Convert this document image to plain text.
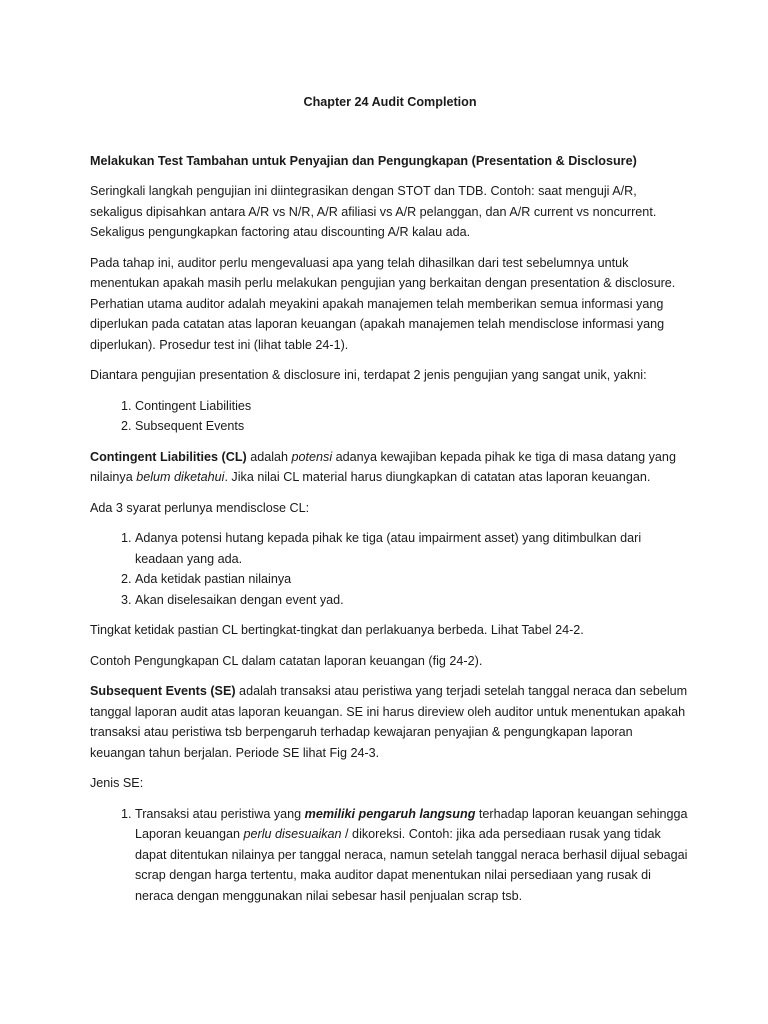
Chapter 24 Audit Completion
Melakukan Test Tambahan untuk Penyajian dan Pengungkapan (Presentation & Disclosure)

Seringkali langkah pengujian ini diintegrasikan dengan STOT dan TDB. Contoh: saat menguji A/R, sekaligus dipisahkan antara A/R vs N/R, A/R afiliasi vs A/R pelanggan, dan A/R current vs noncurrent. Sekaligus pengungkapkan factoring atau discounting A/R kalau ada.

Pada tahap ini, auditor perlu mengevaluasi apa yang telah dihasilkan dari test sebelumnya untuk menentukan apakah masih perlu melakukan pengujian yang berkaitan dengan presentation & disclosure. Perhatian utama auditor adalah meyakini apakah manajemen telah memberikan semua informasi yang diperlukan pada catatan atas laporan keuangan (apakah manajemen telah mendisclose informasi yang diperlukan). Prosedur test ini (lihat table 24-1).

Diantara pengujian presentation & disclosure ini, terdapat 2 jenis pengujian yang sangat unik, yakni:

1. Contingent Liabilities
2. Subsequent Events

Contingent Liabilities (CL) adalah potensi adanya kewajiban kepada pihak ke tiga di masa datang yang nilainya belum diketahui. Jika nilai CL material harus diungkapkan di catatan atas laporan keuangan.

Ada 3 syarat perlunya mendisclose CL:

1. Adanya potensi hutang kepada pihak ke tiga (atau impairment asset) yang ditimbulkan dari keadaan yang ada.
2. Ada ketidak pastian nilainya
3. Akan diselesaikan dengan event yad.

Tingkat ketidak pastian CL bertingkat-tingkat dan perlakuanya berbeda. Lihat Tabel 24-2.

Contoh Pengungkapan CL dalam catatan laporan keuangan (fig 24-2).

Subsequent Events (SE) adalah transaksi atau peristiwa yang terjadi setelah tanggal neraca dan sebelum tanggal laporan audit atas laporan keuangan. SE ini harus direview oleh auditor untuk menentukan apakah transaksi atau peristiwa tsb berpengaruh terhadap kewajaran penyajian & pengungkapan laporan keuangan tahun berjalan. Periode SE lihat Fig 24-3.

Jenis SE:

1. Transaksi atau peristiwa yang memiliki pengaruh langsung terhadap laporan keuangan sehingga Laporan keuangan perlu disesuaikan / dikoreksi. Contoh: jika ada persediaan rusak yang tidak dapat ditentukan nilainya per tanggal neraca, namun setelah tanggal neraca berhasil dijual sebagai scrap dengan harga tertentu, maka auditor dapat menentukan nilai persediaan yang rusak di neraca dengan menggunakan nilai sebesar hasil penjualan scrap tsb.
